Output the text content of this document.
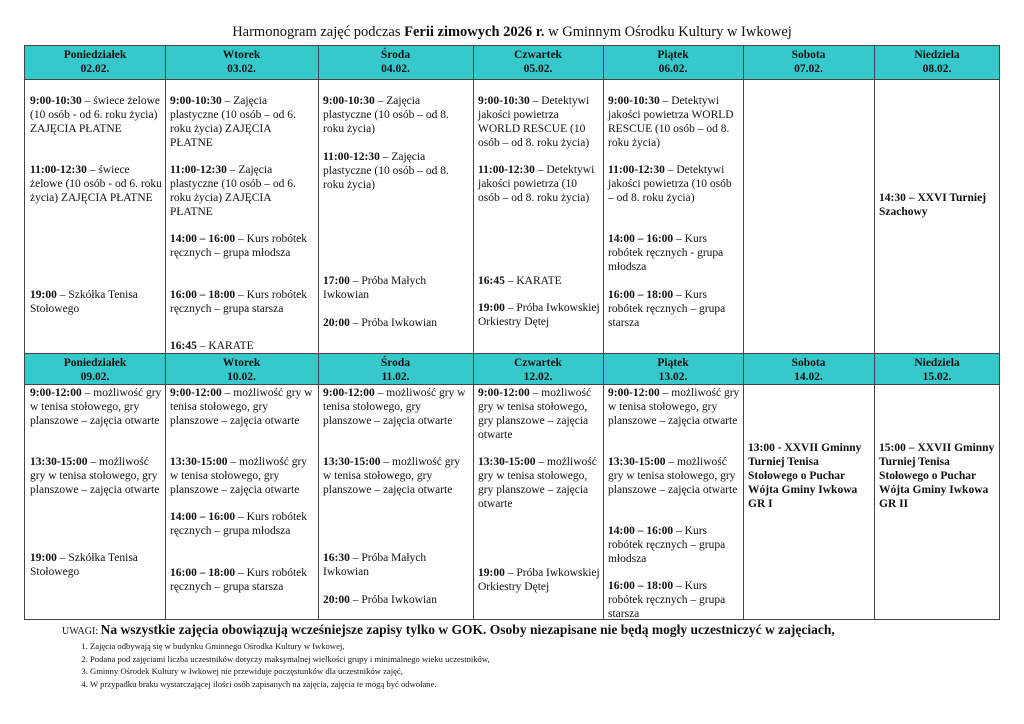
Harmonogram zajęć podczas Ferii zimowych 2026 r. w Gminnym Ośrodku Kultury w Iwkowej
Poniedziałek
02.02.
Wtorek
03.02.
Środa
04.02.
Czwartek
05.02.
Piątek
06.02.
Sobota
07.02.
Niedziela
08.02.
9:00-10:30 – świece żelowe (10 osób - od 6. roku życia) ZAJĘCIA PŁATNE
11:00-12:30 – świece żelowe (10 osób - od 6. roku życia) ZAJĘCIA PŁATNE
19:00 – Szkółka Tenisa Stołowego
9:00-10:30 – Zajęcia plastyczne (10 osób – od 6. roku życia) ZAJĘCIA PŁATNE
11:00-12:30 – Zajęcia plastyczne (10 osób – od 6. roku życia) ZAJĘCIA PŁATNE
14:00 – 16:00 – Kurs robótek ręcznych – grupa młodsza
16:00 – 18:00 – Kurs robótek ręcznych – grupa starsza
16:45 – KARATE
9:00-10:30 – Zajęcia plastyczne (10 osób – od 8. roku życia)
11:00-12:30 – Zajęcia plastyczne (10 osób – od 8. roku życia)
17:00 – Próba Małych Iwkowian
20:00 – Próba Iwkowian
9:00-10:30 – Detektywi jakości powietrza WORLD RESCUE (10 osób – od 8. roku życia)
11:00-12:30 – Detektywi jakości powietrza (10 osób – od 8. roku życia)
16:45 – KARATE
19:00 – Próba Iwkowskiej Orkiestry Dętej
9:00-10:30 – Detektywi jakości powietrza WORLD RESCUE (10 osób – od 8. roku życia)
11:00-12:30 – Detektywi jakości powietrza (10 osób – od 8. roku życia)
14:00 – 16:00 – Kurs robótek ręcznych - grupa młodsza
16:00 – 18:00 – Kurs robótek ręcznych – grupa starsza
14:30 – XXVI Turniej Szachowy
Poniedziałek
09.02.
Wtorek
10.02.
Środa
11.02.
Czwartek
12.02.
Piątek
13.02.
Sobota
14.02.
Niedziela
15.02.
9:00-12:00 – możliwość gry w tenisa stołowego, gry planszowe – zajęcia otwarte
13:30-15:00 – możliwość gry w tenisa stołowego, gry planszowe – zajęcia otwarte
19:00 – Szkółka Tenisa Stołowego
9:00-12:00 – możliwość gry w tenisa stołowego, gry planszowe – zajęcia otwarte
13:30-15:00 – możliwość gry w tenisa stołowego, gry planszowe – zajęcia otwarte
14:00 – 16:00 – Kurs robótek ręcznych – grupa młodsza
16:00 – 18:00 – Kurs robótek ręcznych – grupa starsza
9:00-12:00 – możliwość gry w tenisa stołowego, gry planszowe – zajęcia otwarte
13:30-15:00 – możliwość gry w tenisa stołowego, gry planszowe – zajęcia otwarte
16:30 – Próba Małych Iwkowian
20:00 – Próba Iwkowian
9:00-12:00 – możliwość gry w tenisa stołowego, gry planszowe – zajęcia otwarte
13:30-15:00 – możliwość gry w tenisa stołowego, gry planszowe – zajęcia otwarte
19:00 – Próba Iwkowskiej Orkiestry Dętej
9:00-12:00 – możliwość gry w tenisa stołowego, gry planszowe – zajęcia otwarte
13:30-15:00 – możliwość gry w tenisa stołowego, gry planszowe – zajęcia otwarte
14:00 – 16:00 – Kurs robótek ręcznych – grupa młodsza
16:00 – 18:00 – Kurs robótek ręcznych – grupa starsza
13:00 - XXVII Gminny Turniej Tenisa Stołowego o Puchar Wójta Gminy Iwkowa GR I
15:00 – XXVII Gminny Turniej Tenisa Stołowego o Puchar Wójta Gminy Iwkowa
GR II
UWAGI: Na wszystkie zajęcia obowiązują wcześniejsze zapisy tylko w GOK. Osoby niezapisane nie będą mogły uczestniczyć w zajęciach,
1. Zajęcia odbywają się w budynku Gminnego Ośrodka Kultury w Iwkowej,
2. Podana pod zajęciami liczba uczestników dotyczy maksymalnej wielkości grupy i minimalnego wieku uczestników,
3. Gminny Ośrodek Kultury w Iwkowej nie przewiduje poczęstunków dla uczestników zajęć,
4. W przypadku braku wystarczającej ilości osób zapisanych na zajęcia, zajęcia te mogą być odwołane.
